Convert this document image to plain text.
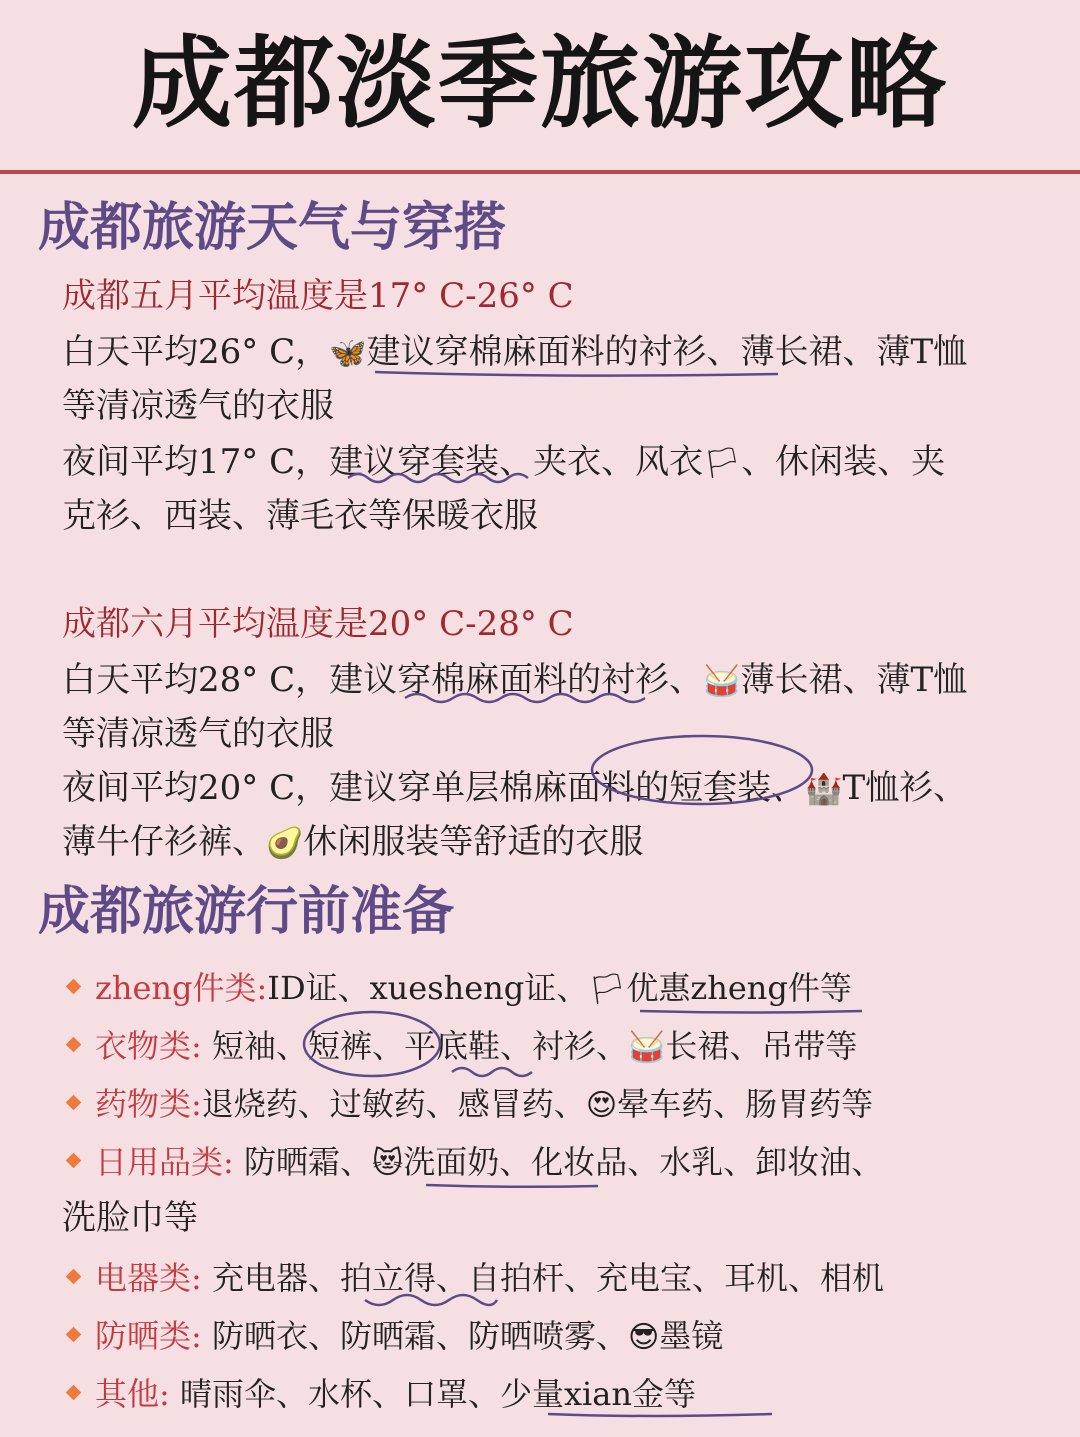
成都淡季旅游攻略
成都旅游天气与穿搭
成都五月平均温度是17° C-26° C
白天平均26° C，🦋建议穿棉麻面料的衬衫、薄长裙、薄T恤
等清凉透气的衣服
夜间平均17° C，建议穿套装、夹衣、风衣🏳、休闲装、夹
克衫、西装、薄毛衣等保暖衣服
成都六月平均温度是20° C-28° C
白天平均28° C，建议穿棉麻面料的衬衫、🥁薄长裙、薄T恤
等清凉透气的衣服
夜间平均20° C，建议穿单层棉麻面料的短套装、🏰T恤衫、
薄牛仔衫裤、🥑休闲服装等舒适的衣服
成都旅游行前准备
zheng件类:ID证、xuesheng证、🏳优惠zheng件等
衣物类: 短袖、短裤、平底鞋、衬衫、🥁长裙、吊带等
药物类:退烧药、过敏药、感冒药、😍晕车药、肠胃药等
日用品类: 防晒霜、😻洗面奶、化妆品、水乳、卸妆油、
洗脸巾等
电器类: 充电器、拍立得、自拍杆、充电宝、耳机、相机
防晒类: 防晒衣、防晒霜、防晒喷雾、😎墨镜
其他: 晴雨伞、水杯、口罩、少量xian金等
